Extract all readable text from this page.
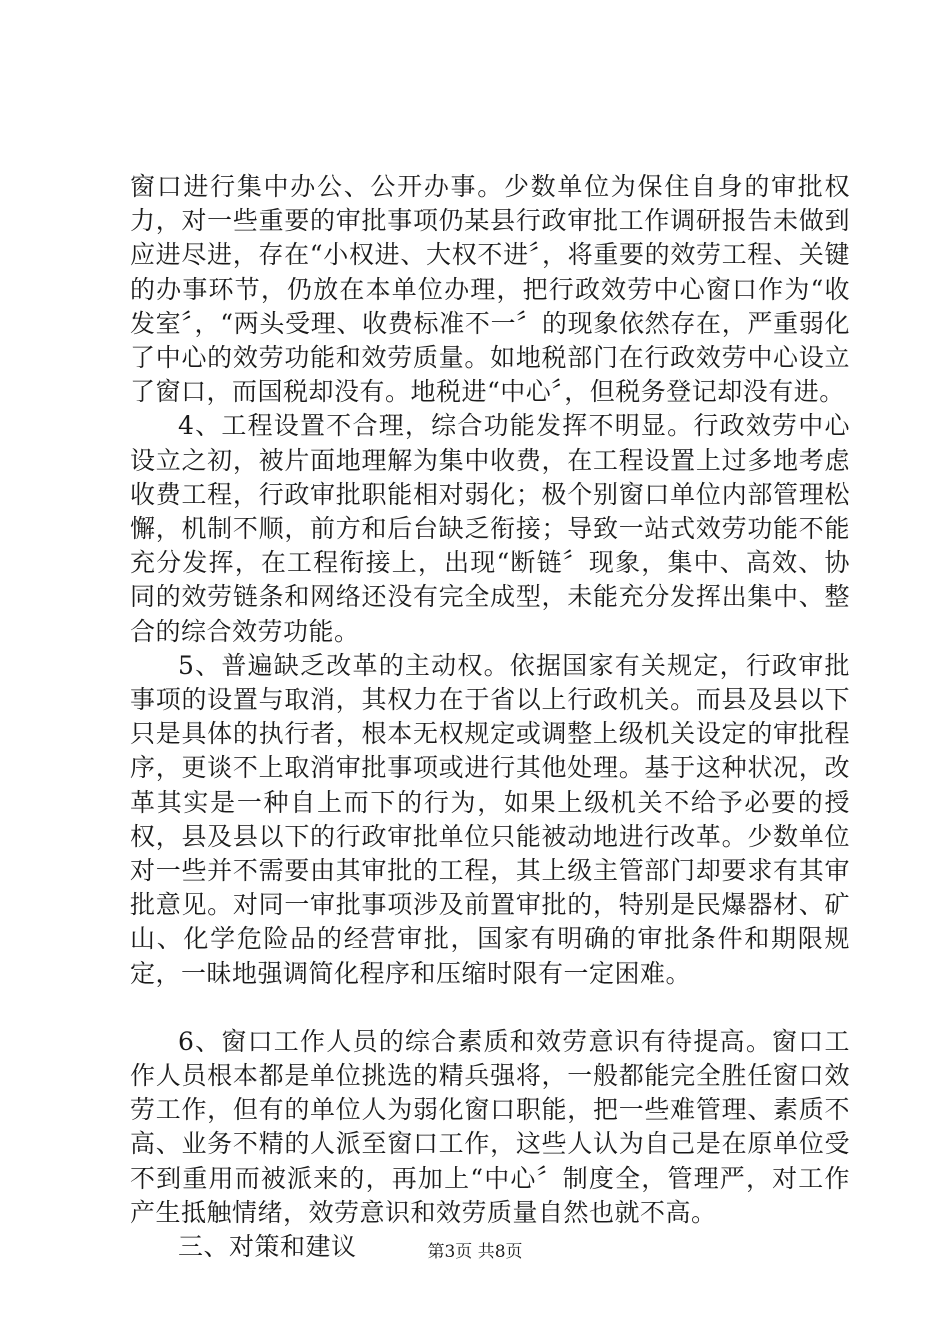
窗口进行集中办公、公开办事。少数单位为保住自身的审批权力，对一些重要的审批事项仍某县行政审批工作调研报告未做到应进尽进，存在“小权进、大权不进〞，将重要的效劳工程、关键的办事环节，仍放在本单位办理，把行政效劳中心窗口作为“收发室〞，“两头受理、收费标准不一〞的现象依然存在，严重弱化了中心的效劳功能和效劳质量。如地税部门在行政效劳中心设立了窗口，而国税却没有。地税进“中心〞，但税务登记却没有进。

4、工程设置不合理，综合功能发挥不明显。行政效劳中心设立之初，被片面地理解为集中收费，在工程设置上过多地考虑收费工程，行政审批职能相对弱化；极个别窗口单位内部管理松懈，机制不顺，前方和后台缺乏衔接；导致一站式效劳功能不能充分发挥，在工程衔接上，出现“断链〞现象，集中、高效、协同的效劳链条和网络还没有完全成型，未能充分发挥出集中、整合的综合效劳功能。

5、普遍缺乏改革的主动权。依据国家有关规定，行政审批事项的设置与取消，其权力在于省以上行政机关。而县及县以下只是具体的执行者，根本无权规定或调整上级机关设定的审批程序，更谈不上取消审批事项或进行其他处理。基于这种状况，改革其实是一种自上而下的行为，如果上级机关不给予必要的授权，县及县以下的行政审批单位只能被动地进行改革。少数单位对一些并不需要由其审批的工程，其上级主管部门却要求有其审批意见。对同一审批事项涉及前置审批的，特别是民爆器材、矿山、化学危险品的经营审批，国家有明确的审批条件和期限规定，一昧地强调简化程序和压缩时限有一定困难。

6、窗口工作人员的综合素质和效劳意识有待提高。窗口工作人员根本都是单位挑选的精兵强将，一般都能完全胜任窗口效劳工作，但有的单位人为弱化窗口职能，把一些难管理、素质不高、业务不精的人派至窗口工作，这些人认为自己是在原单位受不到重用而被派来的，再加上“中心〞制度全，管理严，对工作产生抵触情绪，效劳意识和效劳质量自然也就不高。

三、对策和建议	第3页 共8页
